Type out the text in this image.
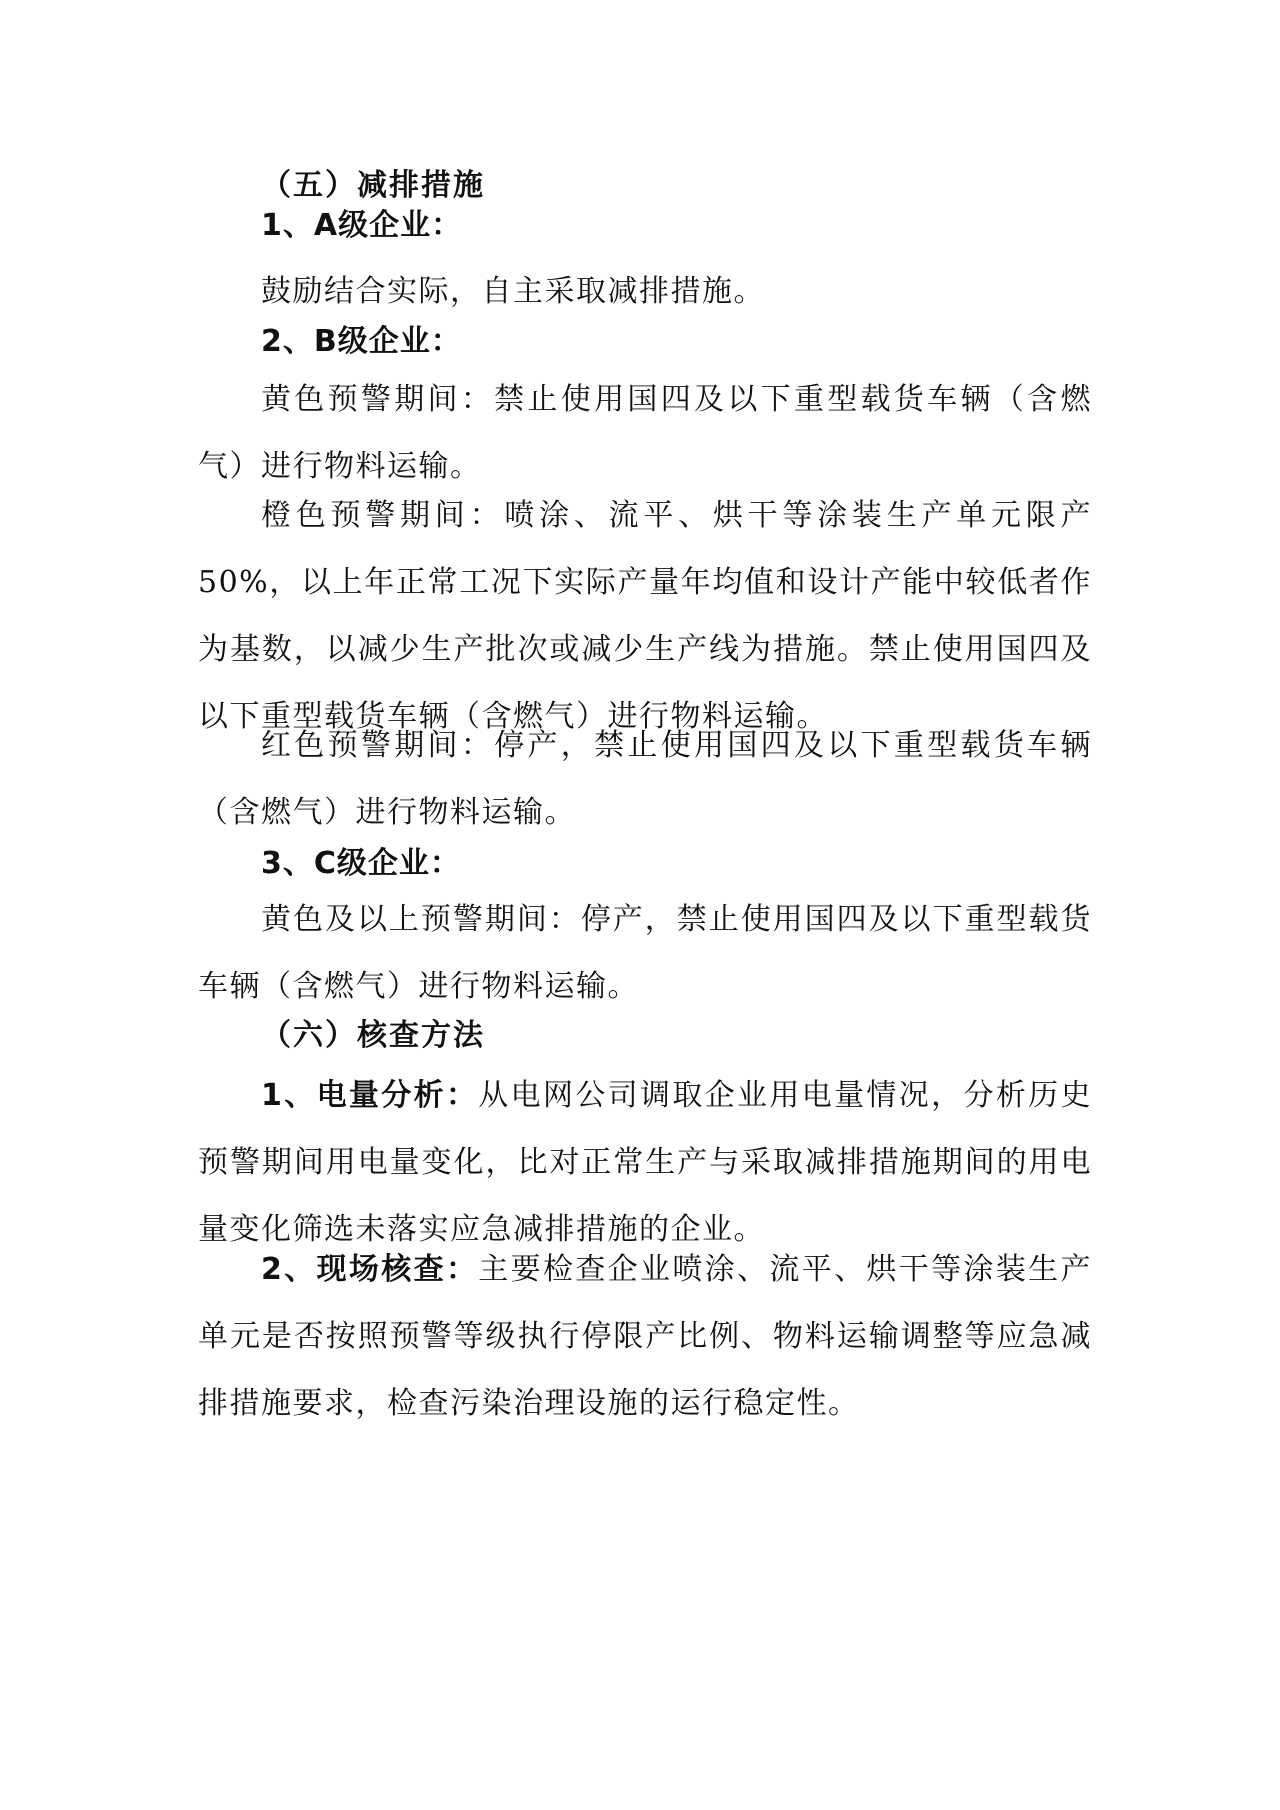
（五）减排措施

1、A级企业：

鼓励结合实际，自主采取减排措施。

2、B级企业：

黄色预警期间：禁止使用国四及以下重型载货车辆（含燃气）进行物料运输。

橙色预警期间：喷涂、流平、烘干等涂装生产单元限产50%，以上年正常工况下实际产量年均值和设计产能中较低者作为基数，以减少生产批次或减少生产线为措施。禁止使用国四及以下重型载货车辆（含燃气）进行物料运输。

红色预警期间：停产，禁止使用国四及以下重型载货车辆（含燃气）进行物料运输。

3、C级企业：

黄色及以上预警期间：停产，禁止使用国四及以下重型载货车辆（含燃气）进行物料运输。

（六）核查方法

1、电量分析：从电网公司调取企业用电量情况，分析历史预警期间用电量变化，比对正常生产与采取减排措施期间的用电量变化筛选未落实应急减排措施的企业。

2、现场核查：主要检查企业喷涂、流平、烘干等涂装生产单元是否按照预警等级执行停限产比例、物料运输调整等应急减排措施要求，检查污染治理设施的运行稳定性。
